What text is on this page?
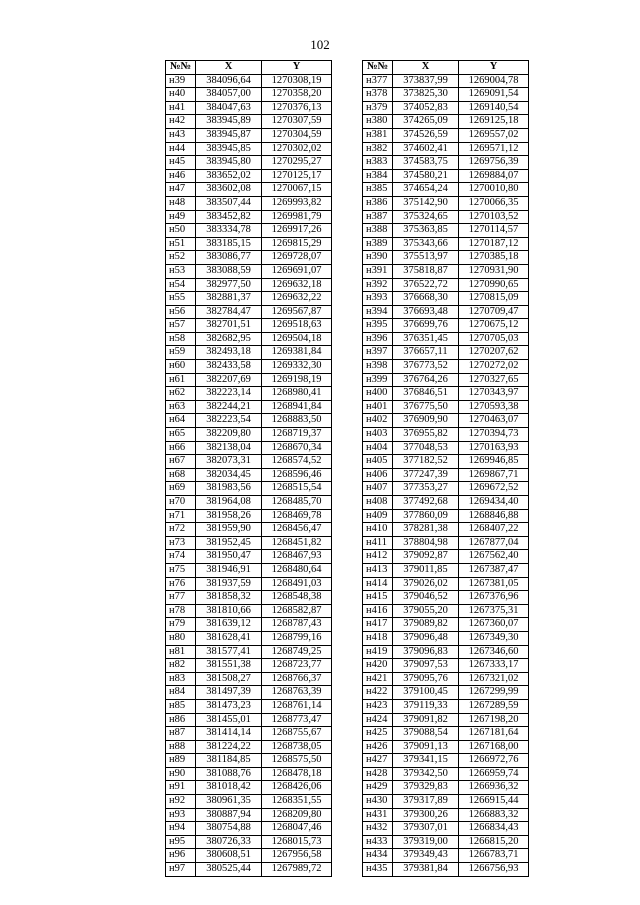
102
№№	X	Y
н39	384096,64	1270308,19
н40	384057,00	1270358,20
н41	384047,63	1270376,13
н42	383945,89	1270307,59
н43	383945,87	1270304,59
н44	383945,85	1270302,02
н45	383945,80	1270295,27
н46	383652,02	1270125,17
н47	383602,08	1270067,15
н48	383507,44	1269993,82
н49	383452,82	1269981,79
н50	383334,78	1269917,26
н51	383185,15	1269815,29
н52	383086,77	1269728,07
н53	383088,59	1269691,07
н54	382977,50	1269632,18
н55	382881,37	1269632,22
н56	382784,47	1269567,87
н57	382701,51	1269518,63
н58	382682,95	1269504,18
н59	382493,18	1269381,84
н60	382433,58	1269332,30
н61	382207,69	1269198,19
н62	382223,14	1268980,41
н63	382244,21	1268941,84
н64	382223,54	1268883,50
н65	382209,80	1268719,37
н66	382138,04	1268670,34
н67	382073,31	1268574,52
н68	382034,45	1268596,46
н69	381983,56	1268515,54
н70	381964,08	1268485,70
н71	381958,26	1268469,78
н72	381959,90	1268456,47
н73	381952,45	1268451,82
н74	381950,47	1268467,93
н75	381946,91	1268480,64
н76	381937,59	1268491,03
н77	381858,32	1268548,38
н78	381810,66	1268582,87
н79	381639,12	1268787,43
н80	381628,41	1268799,16
н81	381577,41	1268749,25
н82	381551,38	1268723,77
н83	381508,27	1268766,37
н84	381497,39	1268763,39
н85	381473,23	1268761,14
н86	381455,01	1268773,47
н87	381414,14	1268755,67
н88	381224,22	1268738,05
н89	381184,85	1268575,50
н90	381088,76	1268478,18
н91	381018,42	1268426,06
н92	380961,35	1268351,55
н93	380887,94	1268209,80
н94	380754,88	1268047,46
н95	380726,33	1268015,73
н96	380608,51	1267956,58
н97	380525,44	1267989,72
№№	X	Y
н377	373837,99	1269004,78
н378	373825,30	1269091,54
н379	374052,83	1269140,54
н380	374265,09	1269125,18
н381	374526,59	1269557,02
н382	374602,41	1269571,12
н383	374583,75	1269756,39
н384	374580,21	1269884,07
н385	374654,24	1270010,80
н386	375142,90	1270066,35
н387	375324,65	1270103,52
н388	375363,85	1270114,57
н389	375343,66	1270187,12
н390	375513,97	1270385,18
н391	375818,87	1270931,90
н392	376522,72	1270990,65
н393	376668,30	1270815,09
н394	376693,48	1270709,47
н395	376699,76	1270675,12
н396	376351,45	1270705,03
н397	376657,11	1270207,62
н398	376773,52	1270272,02
н399	376764,26	1270327,65
н400	376846,51	1270343,97
н401	376775,50	1270593,38
н402	376909,90	1270463,07
н403	376955,82	1270394,73
н404	377048,53	1270163,93
н405	377182,52	1269946,85
н406	377247,39	1269867,71
н407	377353,27	1269672,52
н408	377492,68	1269434,40
н409	377860,09	1268846,88
н410	378281,38	1268407,22
н411	378804,98	1267877,04
н412	379092,87	1267562,40
н413	379011,85	1267387,47
н414	379026,02	1267381,05
н415	379046,52	1267376,96
н416	379055,20	1267375,31
н417	379089,82	1267360,07
н418	379096,48	1267349,30
н419	379096,83	1267346,60
н420	379097,53	1267333,17
н421	379095,76	1267321,02
н422	379100,45	1267299,99
н423	379119,33	1267289,59
н424	379091,82	1267198,20
н425	379088,54	1267181,64
н426	379091,13	1267168,00
н427	379341,15	1266972,76
н428	379342,50	1266959,74
н429	379329,83	1266936,32
н430	379317,89	1266915,44
н431	379300,26	1266883,32
н432	379307,01	1266834,43
н433	379319,00	1266815,20
н434	379349,43	1266783,71
н435	379381,84	1266756,93
